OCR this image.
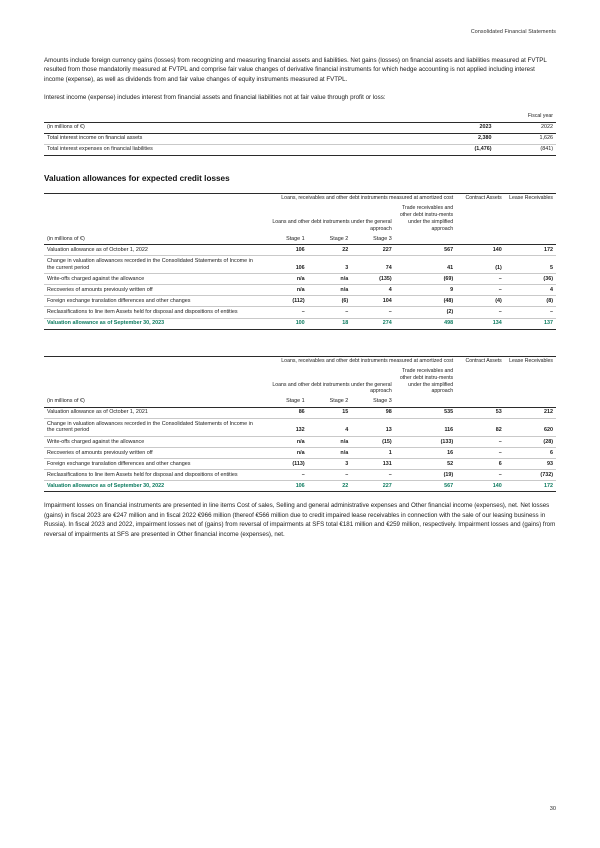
Consolidated Financial Statements

Amounts include foreign currency gains (losses) from recognizing and measuring financial assets and liabilities. Net gains (losses) on financial assets and liabilities measured at FVTPL resulted from those mandatorily measured at FVTPL and comprise fair value changes of derivative financial instruments for which hedge accounting is not applied including interest income (expense), as well as dividends from and fair value changes of equity instruments measured at FVTPL.

Interest income (expense) includes interest from financial assets and financial liabilities not at fair value through profit or loss:

	Fiscal year	
(in millions of €)	2023	2022
Total interest income on financial assets	2,380	1,626
Total interest expenses on financial liabilities	(1,476)	(841)
Valuation allowances for expected credit losses
	Loans, receivables and other debt instruments measured at amortized cost				Contract Assets	Lease Receivables
	Loans and other debt instruments under the general approach			Trade receivables and other debt instru-ments under the simplified approach		
(in millions of €)	Stage 1	Stage 2	Stage 3			
Valuation allowance as of October 1, 2022	106	22	227	567	140	172
Change in valuation allowances recorded in the Consolidated Statements of Income in the current period	106	3	74	41	(1)	5
Write-offs charged against the allowance	n/a	n/a	(135)	(69)	–	(36)
Recoveries of amounts previously written off	n/a	n/a	4	9	–	4
Foreign exchange translation differences and other changes	(112)	(6)	104	(48)	(4)	(8)
Reclassifications to line item Assets held for disposal and dispositions of entities	–	–	–	(2)	–	–
Valuation allowance as of September 30, 2023	100	18	274	498	134	137
	Loans, receivables and other debt instruments measured at amortized cost				Contract Assets	Lease Receivables
	Loans and other debt instruments under the general approach			Trade receivables and other debt instru-ments under the simplified approach		
(in millions of €)	Stage 1	Stage 2	Stage 3			
Valuation allowance as of October 1, 2021	86	15	98	535	53	212
Change in valuation allowances recorded in the Consolidated Statements of Income in the current period	132	4	13	116	82	620
Write-offs charged against the allowance	n/a	n/a	(15)	(133)	–	(28)
Recoveries of amounts previously written off	n/a	n/a	1	16	–	6
Foreign exchange translation differences and other changes	(113)	3	131	52	6	93
Reclassifications to line item Assets held for disposal and dispositions of entities	–	–	–	(19)	–	(732)
Valuation allowance as of September 30, 2022	106	22	227	567	140	172

Impairment losses on financial instruments are presented in line items Cost of sales, Selling and general administrative expenses and Other financial income (expenses), net. Net losses (gains) in fiscal 2023 are €247 million and in fiscal 2022 €966 million (thereof €566 million due to credit impaired lease receivables in connection with the sale of our leasing business in Russia). In fiscal 2023 and 2022, impairment losses net of (gains) from reversal of impairments at SFS total €181 million and €259 million, respectively. Impairment losses and (gains) from reversal of impairments at SFS are presented in Other financial income (expenses), net.

30
